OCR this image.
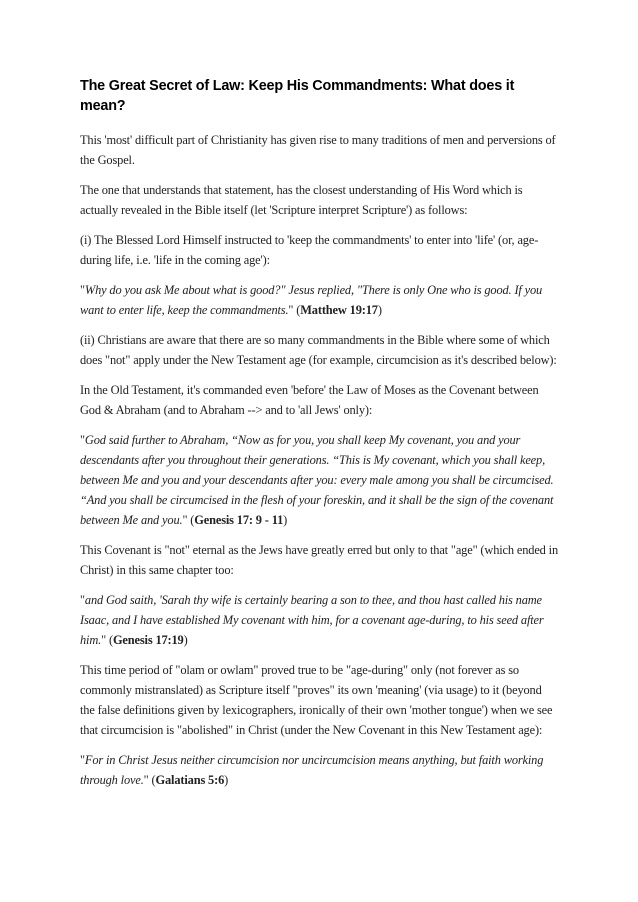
The Great Secret of Law: Keep His Commandments: What does it mean?

This 'most' difficult part of Christianity has given rise to many traditions of men and perversions of the Gospel.

The one that understands that statement, has the closest understanding of His Word which is actually revealed in the Bible itself (let 'Scripture interpret Scripture') as follows:

(i) The Blessed Lord Himself instructed to 'keep the commandments' to enter into 'life' (or, age-during life, i.e. 'life in the coming age'):

"Why do you ask Me about what is good?" Jesus replied, "There is only One who is good. If you want to enter life, keep the commandments." (Matthew 19:17)

(ii) Christians are aware that there are so many commandments in the Bible where some of which does "not" apply under the New Testament age (for example, circumcision as it's described below):

In the Old Testament, it's commanded even 'before' the Law of Moses as the Covenant between God & Abraham (and to Abraham --> and to 'all Jews' only):

"God said further to Abraham, “Now as for you, you shall keep My covenant, you and your descendants after you throughout their generations. “This is My covenant, which you shall keep, between Me and you and your descendants after you: every male among you shall be circumcised. “And you shall be circumcised in the flesh of your foreskin, and it shall be the sign of the covenant between Me and you." (Genesis 17: 9 - 11)

This Covenant is "not" eternal as the Jews have greatly erred but only to that "age" (which ended in Christ) in this same chapter too:

"and God saith, 'Sarah thy wife is certainly bearing a son to thee, and thou hast called his name Isaac, and I have established My covenant with him, for a covenant age-during, to his seed after him." (Genesis 17:19)

This time period of "olam or owlam" proved true to be "age-during" only (not forever as so commonly mistranslated) as Scripture itself "proves" its own 'meaning' (via usage) to it (beyond the false definitions given by lexicographers, ironically of their own 'mother tongue') when we see that circumcision is "abolished" in Christ (under the New Covenant in this New Testament age):

"For in Christ Jesus neither circumcision nor uncircumcision means anything, but faith working through love." (Galatians 5:6)
